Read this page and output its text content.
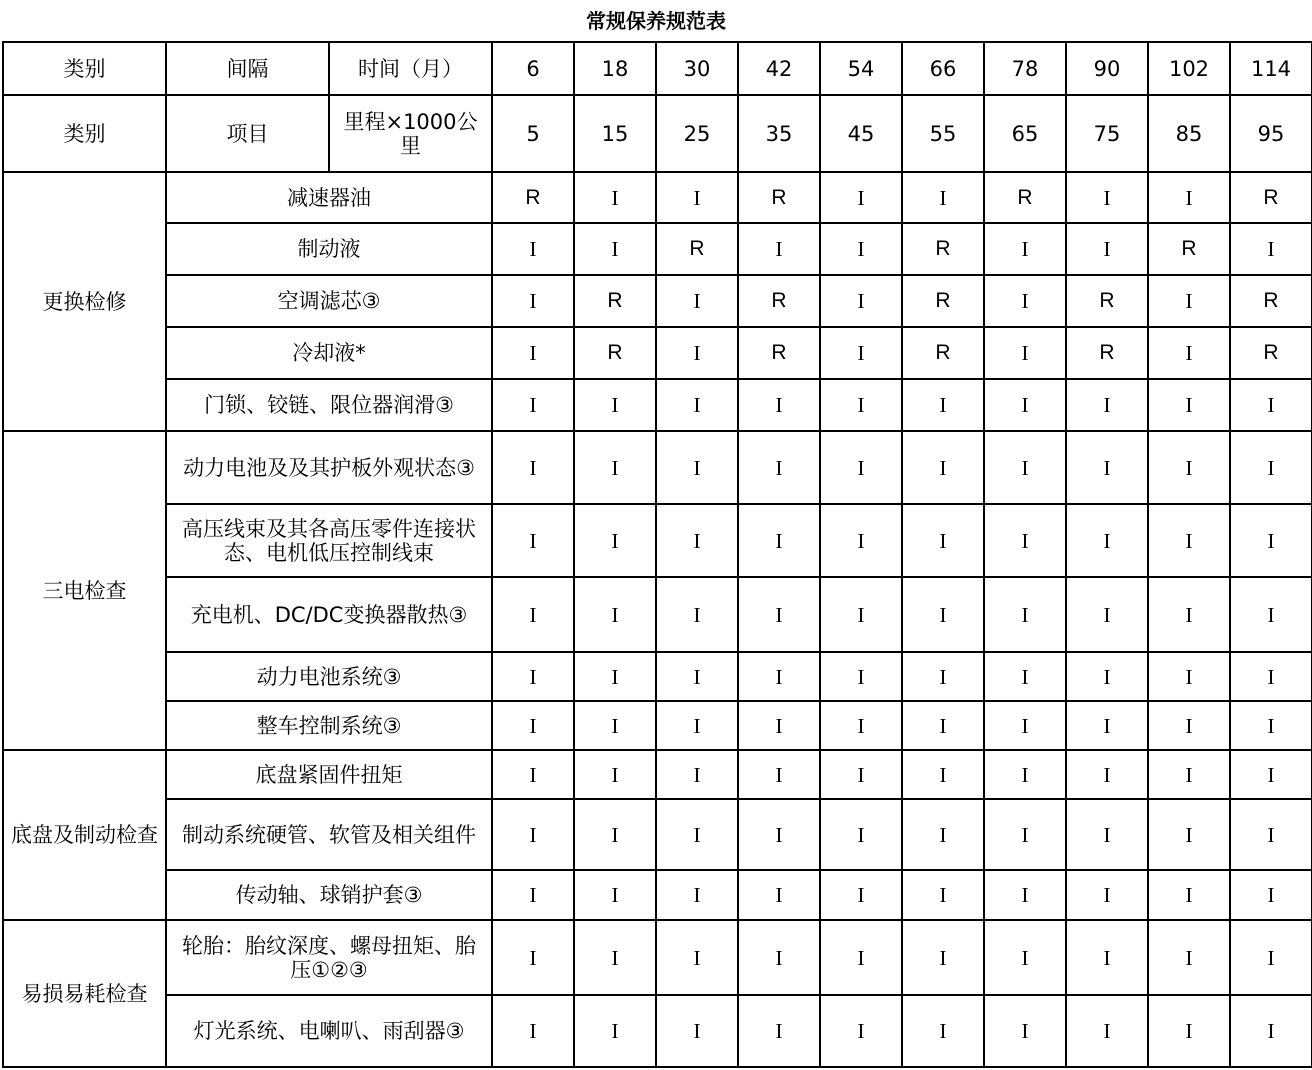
常规保养规范表
类别	间隔	时间（月）	6	18	30	42	54	66	78	90	102	114
类别	项目	里程×1000公里	5	15	25	35	45	55	65	75	85	95
更换检修	减速器油		R	I	I	R	I	I	R	I	I	R
	制动液		I	I	R	I	I	R	I	I	R	I
	空调滤芯③		I	R	I	R	I	R	I	R	I	R
	冷却液*		I	R	I	R	I	R	I	R	I	R
	门锁、铰链、限位器润滑③		I	I	I	I	I	I	I	I	I	I
三电检查	动力电池及及其护板外观状态③		I	I	I	I	I	I	I	I	I	I
	高压线束及其各高压零件连接状态、电机低压控制线束		I	I	I	I	I	I	I	I	I	I
	充电机、DC/DC变换器散热③		I	I	I	I	I	I	I	I	I	I
	动力电池系统③		I	I	I	I	I	I	I	I	I	I
	整车控制系统③		I	I	I	I	I	I	I	I	I	I
底盘及制动检查	底盘紧固件扭矩		I	I	I	I	I	I	I	I	I	I
	制动系统硬管、软管及相关组件		I	I	I	I	I	I	I	I	I	I
	传动轴、球销护套③		I	I	I	I	I	I	I	I	I	I
易损易耗检查	轮胎：胎纹深度、螺母扭矩、胎压①②③		I	I	I	I	I	I	I	I	I	I
	灯光系统、电喇叭、雨刮器③		I	I	I	I	I	I	I	I	I	I
